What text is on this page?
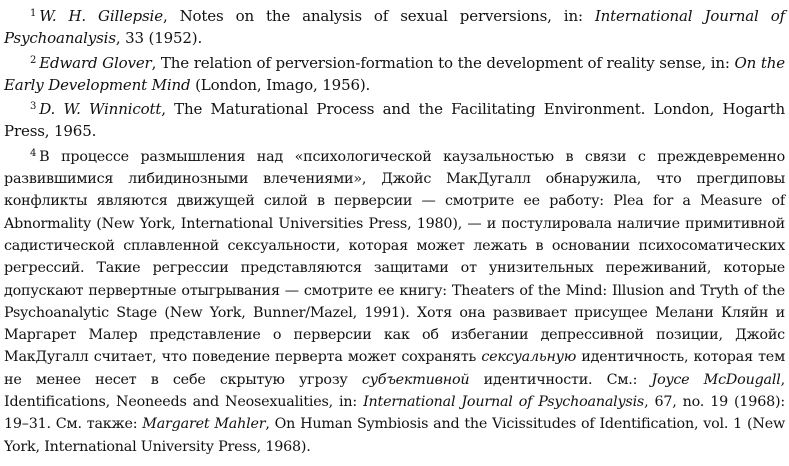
$^1$ W. H. Gillepsie, Notes on the analysis of sexual perversions, in: International Journal of Psychoanalysis, 33 (1952).

$^2$ Edward Glover, The relation of perversion-formation to the development of reality sense, in: On the Early Development Mind (London, Imago, 1956).

$^3$ D. W. Winnicott, The Maturational Process and the Facilitating Environment. London, Hogarth Press, 1965.

$^4$ В процессе размышления над «психологической каузальностью в связи с преждевременно развившимися либидинозными влечениями», Джойс МакДугалл обнаружила, что прегдиповы конфликты являются движущей силой в перверсии — смотрите ее работу: Plea for a Measure of Abnormality (New York, International Universities Press, 1980), — и постулировала наличие примитивной садистической сплавленной сексуальности, которая может лежать в основании психосоматических регрессий. Такие регрессии представляются защитами от унизительных переживаний, которые допускают первертные отыгрывания — смотрите ее книгу: Theaters of the Mind: Illusion and Tryth of the Psychoanalytic Stage (New York, Bunner/Mazel, 1991). Хотя она развивает присущее Мелани Кляйн и Маргарет Малер представление о перверсии как об избегании депрессивной позиции, Джойс МакДугалл считает, что поведение перверта может сохранять сексуальную идентичность, которая тем не менее несет в себе скрытую угрозу субъективной идентичности. См.: Joyce McDougall, Identifications, Neoneeds and Neosexualities, in: International Journal of Psychoanalysis, 67, no. 19 (1968): 19–31. См. также: Margaret Mahler, On Human Symbiosis and the Vicissitudes of Identification, vol. 1 (New York, International University Press, 1968).
